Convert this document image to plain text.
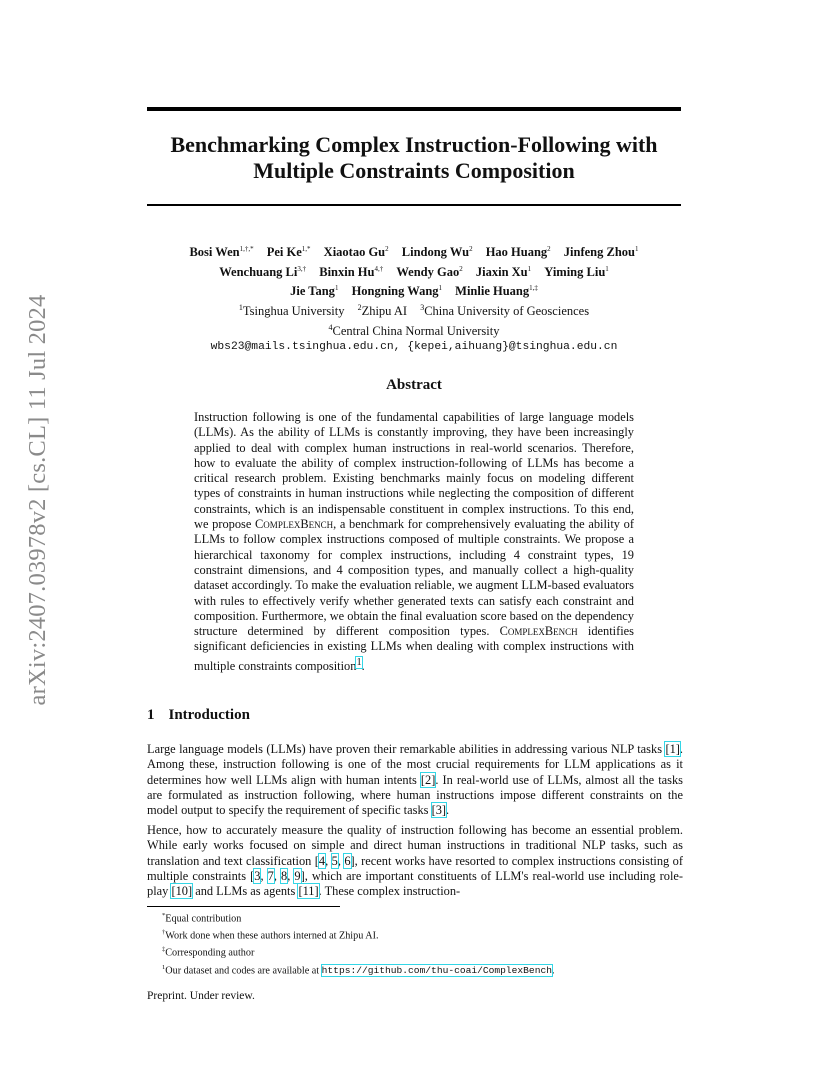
arXiv:2407.03978v2 [cs.CL] 11 Jul 2024
Benchmarking Complex Instruction-Following with
Multiple Constraints Composition
Bosi Wen$^{1,\dagger,*}$ Pei $Ke^{1,*}$ Xiaotao Gu$^2$ Lindong Wu$^2$ Hao Huang$^2$ Jinfeng Zhou$^1$
Wenchuang $Li^{3,\dagger}$ Binxin $Hu^{4,\dagger}$ Wendy Gao$^2$ Jiaxin Xu$^1$ Yiming Liu$^1$
Jie Tang$^1$ Hongning Wang$^1$ Minlie Huang$^{1,\ddagger}$
$^1$Tsinghua University $^2$Zhipu AI $^3$China University of Geosciences
$^4$Central China Normal University
wbs23@mails.tsinghua.edu.cn, {kepei,aihuang}@tsinghua.edu.cn
Abstract

Instruction following is one of the fundamental capabilities of large language models (LLMs). As the ability of LLMs is constantly improving, they have been increasingly applied to deal with complex human instructions in real-world scenarios. Therefore, how to evaluate the ability of complex instruction-following of LLMs has become a critical research problem. Existing benchmarks mainly focus on modeling different types of constraints in human instructions while neglecting the composition of different constraints, which is an indispensable constituent in complex instructions. To this end, we propose ComplexBench, a benchmark for comprehensively evaluating the ability of LLMs to follow complex instructions composed of multiple constraints. We propose a hierarchical taxonomy for complex instructions, including 4 constraint types, 19 constraint dimensions, and 4 composition types, and manually collect a high-quality dataset accordingly. To make the evaluation reliable, we augment LLM-based evaluators with rules to effectively verify whether generated texts can satisfy each constraint and composition. Furthermore, we obtain the final evaluation score based on the dependency structure determined by different composition types. ComplexBench identifies significant deficiencies in existing LLMs when dealing with complex instructions with multiple constraints composition$^1$.

1 Introduction

Large language models (LLMs) have proven their remarkable abilities in addressing various NLP tasks [1]. Among these, instruction following is one of the most crucial requirements for LLM applications as it determines how well LLMs align with human intents [2]. In real-world use of LLMs, almost all the tasks are formulated as instruction following, where human instructions impose different constraints on the model output to specify the requirement of specific tasks [3].

Hence, how to accurately measure the quality of instruction following has become an essential problem. While early works focused on simple and direct human instructions in traditional NLP tasks, such as translation and text classification [4, 5, 6], recent works have resorted to complex instructions consisting of multiple constraints [3, 7, 8, 9], which are important constituents of LLM's real-world use including role-play [10] and LLMs as agents [11]. These complex instruction-

*Equal contribution
†Work done when these authors interned at Zhipu AI.
‡Corresponding author
$^1$Our dataset and codes are available at https://github.com/thu-coai/ComplexBench.
Preprint. Under review.
